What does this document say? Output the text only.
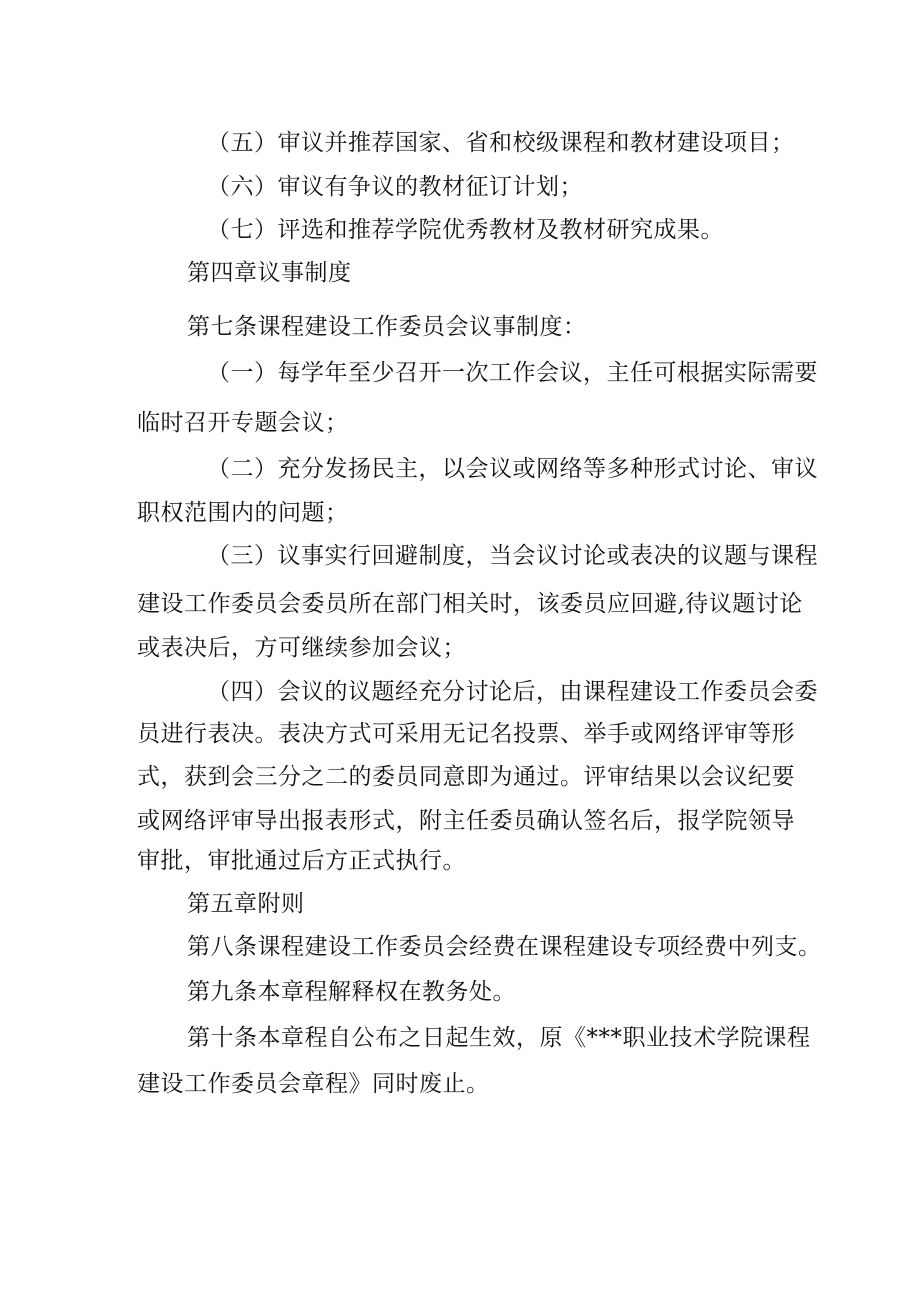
（五）审议并推荐国家、省和校级课程和教材建设项目；
（六）审议有争议的教材征订计划；
（七）评选和推荐学院优秀教材及教材研究成果。
第四章议事制度
第七条课程建设工作委员会议事制度：
（一）每学年至少召开一次工作会议，主任可根据实际需要
临时召开专题会议；
（二）充分发扬民主，以会议或网络等多种形式讨论、审议
职权范围内的问题；
（三）议事实行回避制度，当会议讨论或表决的议题与课程
建设工作委员会委员所在部门相关时，该委员应回避,待议题讨论
或表决后，方可继续参加会议；
（四）会议的议题经充分讨论后，由课程建设工作委员会委
员进行表决。表决方式可采用无记名投票、举手或网络评审等形
式，获到会三分之二的委员同意即为通过。评审结果以会议纪要
或网络评审导出报表形式，附主任委员确认签名后，报学院领导
审批，审批通过后方正式执行。
第五章附则
第八条课程建设工作委员会经费在课程建设专项经费中列支。
第九条本章程解释权在教务处。
第十条本章程自公布之日起生效，原《***职业技术学院课程
建设工作委员会章程》同时废止。
